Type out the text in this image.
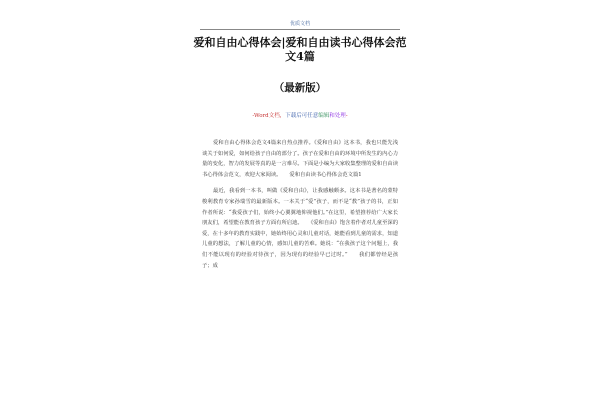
优质文档
爱和自由心得体会|爱和自由读书心得体会范文4篇
（最新版）
-Word文档，下载后可任意编辑和处理-

爱和自由心得体会范文4篇来自热点推荐。《爱和自由》这本书，我也只能先浅谈关于如何爱，如何给孩子自由的部分了。孩子在爱和自由的环境中所发生的内心力量的变化，智力的发展等真的是一言难尽。下面是小编为大家收集整理的爱和自由读书心得体会范文，欢迎大家阅读。　　爱和自由读书心得体会范文篇1

最近，我看到一本书，叫做《爱和自由》，让我感触颇多。这本书是著名的蒙特梭利教育专家孙瑞雪的最新版本。一本关于“爱”孩子，而不是“教”孩子的书，正如作者所说：“我爱孩子们，始终小心翼翼地仰视他们。”在这里，希望推荐给广大家长朋友们，希望能在教育孩子方面有所启迪。　　《爱和自由》饱含着作者对儿童至深的爱，在十多年的教育实践中，她始终用心灵和儿童对话，她能看到儿童的需求，知道儿童的想法，了解儿童的心情，感知儿童的苦难。她说：“在我孩子这个问题上，我们不能以现有的经验对待孩子，因为现有的经验早已过时。”　　我们都曾经是孩子；成
